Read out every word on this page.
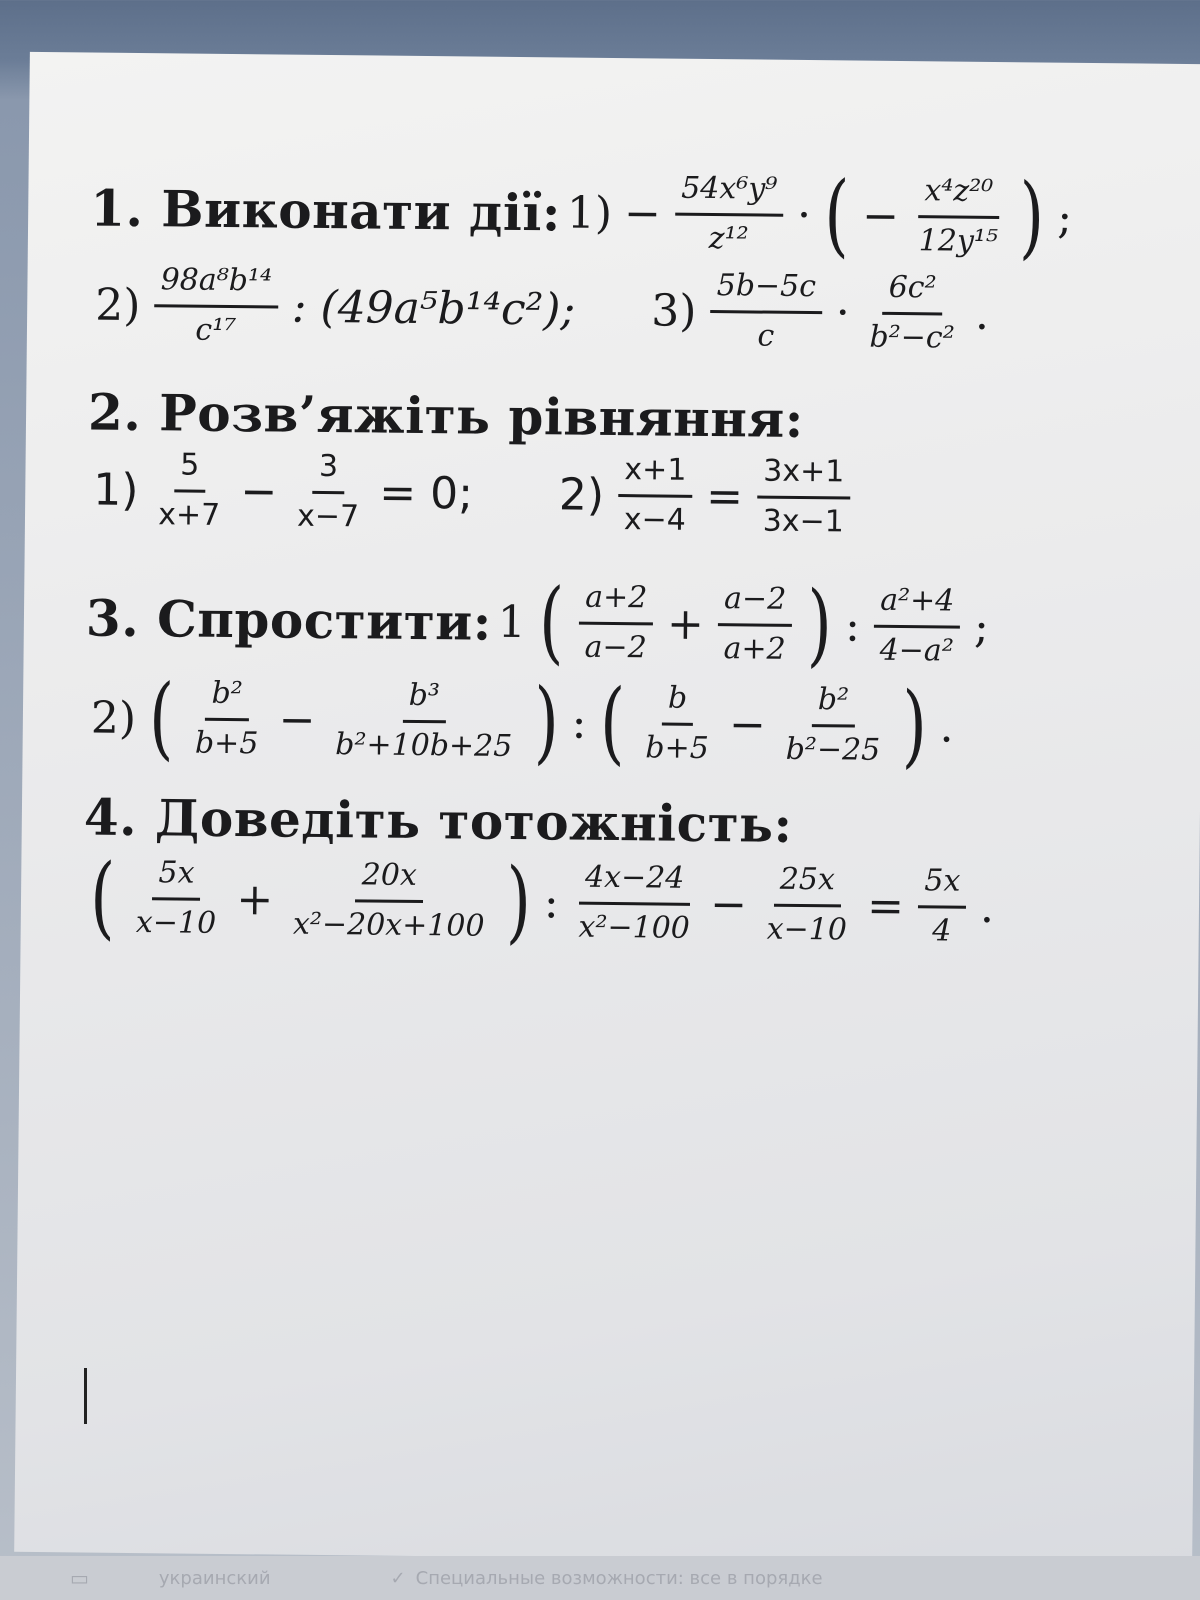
1. Виконати дії: $1) - \frac{\text{54x⁶y⁹}}{\text{z¹²}}$ · ( − $\frac{\text{x⁴z²⁰}}{\text{12y¹⁵}}$ ) ;
$2) \frac{\text{98a⁸b¹⁴}}{\text{c¹⁷}}$ : (49a⁵b¹⁴c²); $3) \frac{5b-5c}{c} \cdot \frac{\text{6c²}}{\text{b²−c²}}$ .
2. Розв’яжіть рівняння:
$1) \frac{5}{x+7} - \frac{3}{x-7} = 0$; $2) \frac{x+1}{x-4} = \frac{3x+1}{3x-1}$
3. Спростити: 1 ( $\frac{a+2}{a-2} + \frac{a-2}{a+2}$ ) : $\frac{\text{a²+4}}{\text{4−a²}}$ ;
2) ( $\frac{\text{b²}}{b+5} - \frac{\text{b³}}{\text{b²+10b+25}}$ ) : ( $\frac{b}{b+5} - \frac{\text{b²}}{\text{b²−25}}$ ) .
4. Доведіть тотожність:
( $\frac{5x}{x-10} + \frac{20x}{\text{x²−20x+100}}$ ) : $\frac{4x-24}{\text{x²−100}} - \frac{25x}{x-10} = \frac{5x}{4}$ .
▭	украинский	✓ Специальные возможности: все в порядке
